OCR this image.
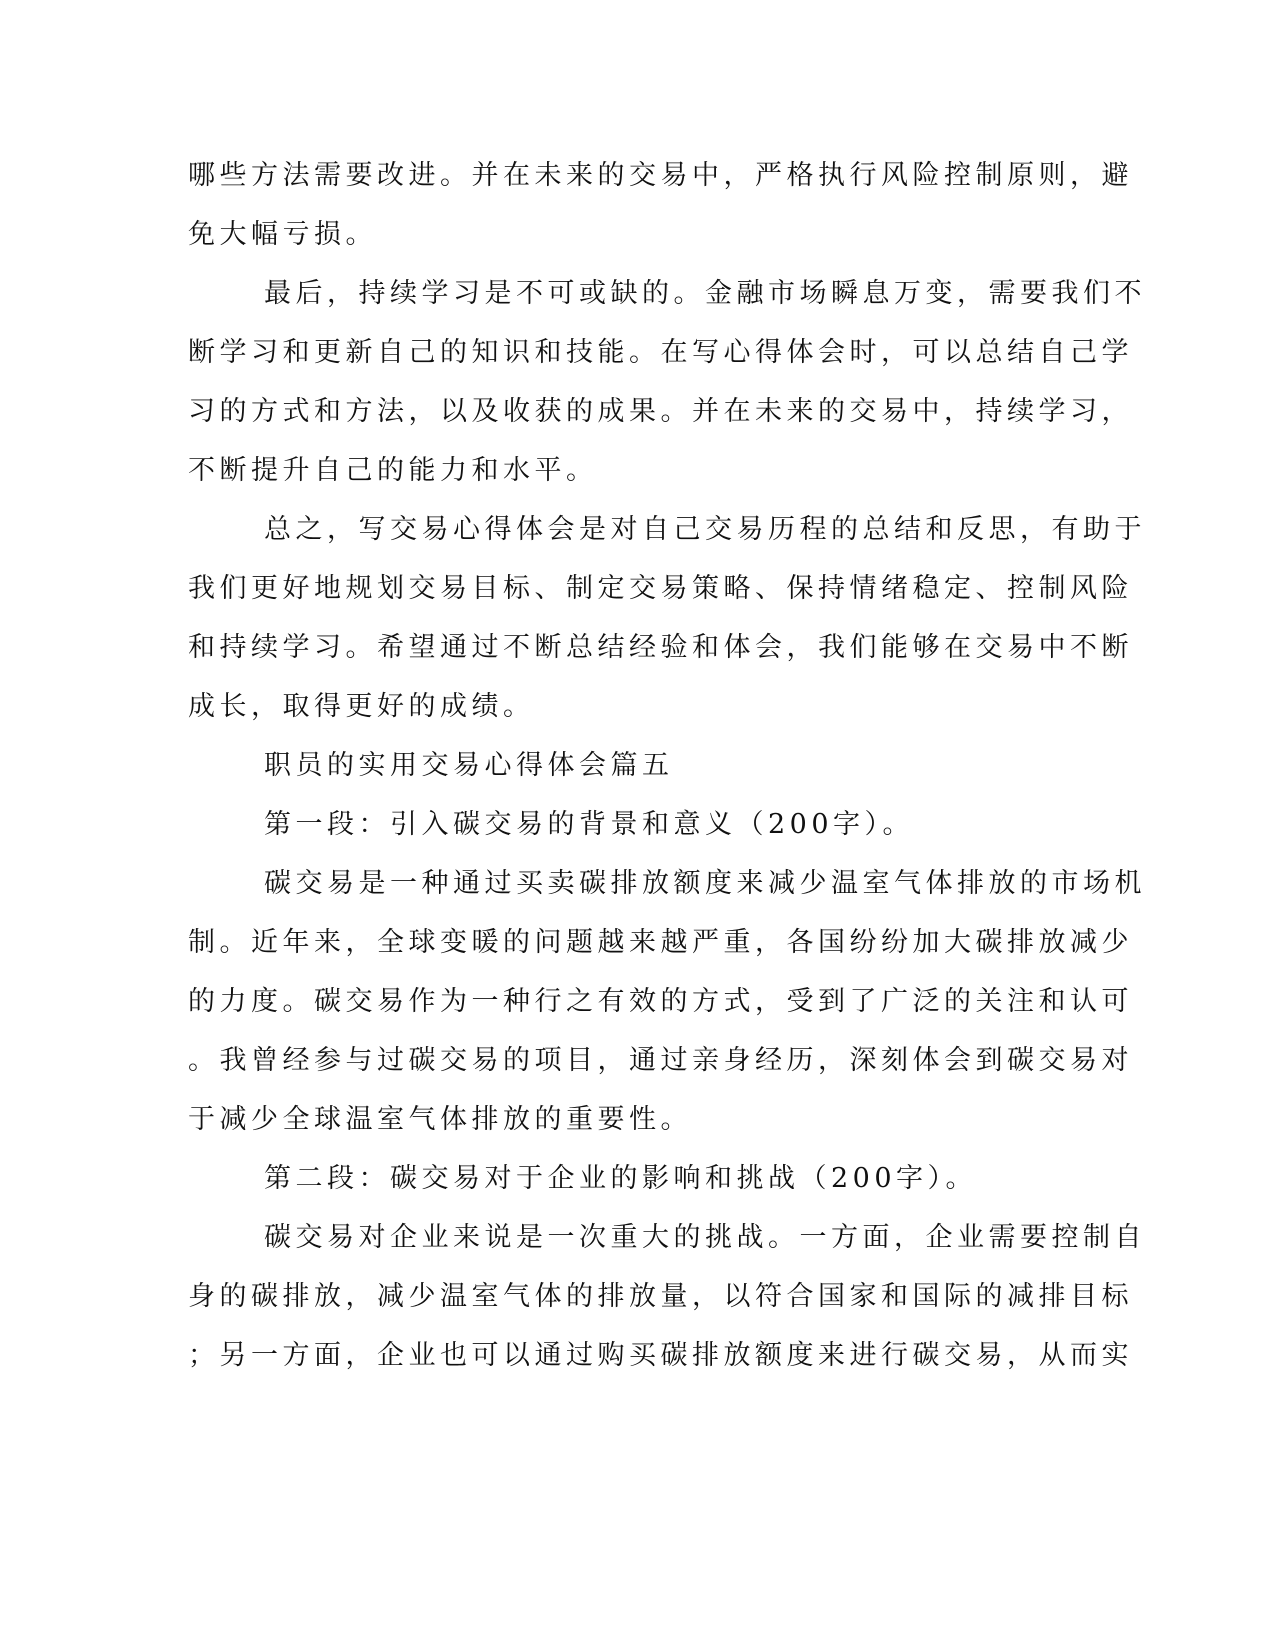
哪些方法需要改进。并在未来的交易中，严格执行风险控制原则，避
免大幅亏损。
最后，持续学习是不可或缺的。金融市场瞬息万变，需要我们不
断学习和更新自己的知识和技能。在写心得体会时，可以总结自己学
习的方式和方法，以及收获的成果。并在未来的交易中，持续学习，
不断提升自己的能力和水平。
总之，写交易心得体会是对自己交易历程的总结和反思，有助于
我们更好地规划交易目标、制定交易策略、保持情绪稳定、控制风险
和持续学习。希望通过不断总结经验和体会，我们能够在交易中不断
成长，取得更好的成绩。
职员的实用交易心得体会篇五
第一段：引入碳交易的背景和意义（200字）。
碳交易是一种通过买卖碳排放额度来减少温室气体排放的市场机
制。近年来，全球变暖的问题越来越严重，各国纷纷加大碳排放减少
的力度。碳交易作为一种行之有效的方式，受到了广泛的关注和认可
。我曾经参与过碳交易的项目，通过亲身经历，深刻体会到碳交易对
于减少全球温室气体排放的重要性。
第二段：碳交易对于企业的影响和挑战（200字）。
碳交易对企业来说是一次重大的挑战。一方面，企业需要控制自
身的碳排放，减少温室气体的排放量，以符合国家和国际的减排目标
；另一方面，企业也可以通过购买碳排放额度来进行碳交易，从而实
